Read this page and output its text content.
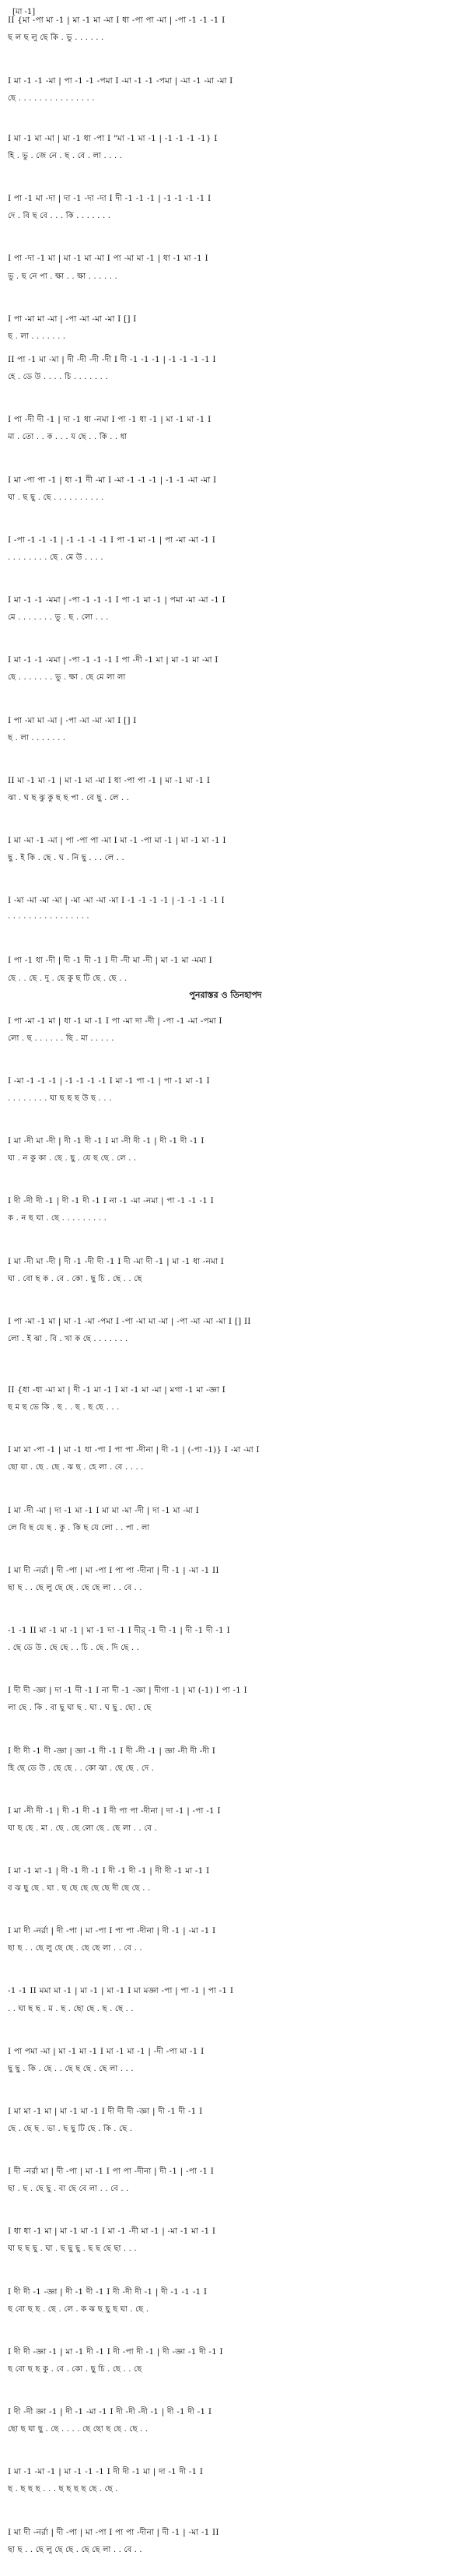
[মা -1]
পুনরাস্তর ও তিনহাপদ
II {মা -পা মা -1 | মা -1 মা -মা I ধা -পা পা -মা | -পা -1 -1 -1 I
ছ ল ছ লু ছে কি . ভু . . . . . .
I মা -1 -1 -মা | পা -1 -1 -পমা I -মা -1 -1 -পমা | -মা -1 -মা -মা I
ছে . . . . . . . . . . . . . . .
I মা -1 মা -মা | মা -1 ধা -পা I "মা -1 মা -1 | -1 -1 -1 -1} I
হি . ভু . জে নে . ছ . বে . লা . . . .
I পা -1 মা -দা | দা -1 -দা -দা I দী -1 -1 -1 | -1 -1 -1 -1 I
দে . বি ছ বে . . . কি . . . . . . .
I পা -দা -1 মা | মা -1 মা -মা I পা -মা মা -1 | ধা -1 মা -1 I
ভু . ছ নে পা . ক্ষা . . ক্ষা . . . . . .
I পা -মা মা -মা | -পা -মা -মা -মা I [] I
ছ . লা . . . . . . .
II পা -1 মা -মা | দী -দী -দী -দী I দী -1 -1 -1 | -1 -1 -1 -1 I
হে . ডে উ . . . . চি . . . . . . .
I পা -দী দী -1 | দা -1 ধা -নমা I পা -1 ধা -1 | মা -1 মা -1 I
মা . তো . . ক . . . য ছে . . কি . . ধা
I মা -পা পা -1 | ধা -1 দী -মা I -মা -1 -1 -1 | -1 -1 -মা -মা I
ঘা . ছ ছু . ছে . . . . . . . . . .
I -পা -1 -1 -1 | -1 -1 -1 -1 I পা -1 মা -1 | পা -মা -মা -1 I
. . . . . . . . ছে . মে উ . . . .
I মা -1 -1 -মমা | -পা -1 -1 -1 I পা -1 মা -1 | পমা -মা -মা -1 I
মে . . . . . . . ভু . ছ . লো . . .
I মা -1 -1 -মমা | -পা -1 -1 -1 I পা -দী -1 মা | মা -1 মা -মা I
ছে . . . . . . . ভু . ক্ষা . ছে মে লা লা
I পা -মা মা -মা | -পা -মা -মা -মা I [] I
ছ . লা . . . . . . .
II মা -1 মা -1 | মা -1 মা -মা I ধা -পা পা -1 | মা -1 মা -1 I
ঝা . ঘ ছ ঝু কু ছ ছ পা . বে ছু . লে . .
I মা -মা -1 -মা | পা -পা পা -মা I মা -1 -পা মা -1 | মা -1 মা -1 I
ছু . ই কি . ছে . ঘ . নি ছু . . . লে . .
I -মা -মা -মা -মা | -মা -মা -মা -মা I -1 -1 -1 -1 | -1 -1 -1 -1 I
. . . . . . . . . . . . . . . .
I পা -1 ধা -দী | দী -1 দী -1 I দী -দী মা -দী | মা -1 মা -মমা I
ছে . . ছে . দু . ছে কু ছ টি ছে . ছে . .
I পা -মা -1 মা | ধা -1 মা -1 I পা -মা দা -দী | -পা -1 -মা -পমা I
লো . ছ . . . . . . ছি . মা . . . . .
I -মা -1 -1 -1 | -1 -1 -1 -1 I মা -1 পা -1 | পা -1 মা -1 I
. . . . . . . . ঘা ছ ছ ছ উ ছ . . .
I মা -দী মা -দী | দী -1 দী -1 I মা -দী দী -1 | দী -1 দী -1 I
ঘা . ন কু কা . ছে . ছু . যে ছ ছে . লে . .
I দী -দী দী -1 | দী -1 দী -1 I না -1 -মা -নমা | পা -1 -1 -1 I
ক . ন ছ ঘা . ছে . . . . . . . . .
I মা -দী মা -দী | দী -1 -দী দী -1 I দী -মা দী -1 | মা -1 ধা -নমা I
ঘা . বো ছ ক . বে . কো . ছু চি . ছে . . ছে
I পা -মা -1 মা | মা -1 -মা -পমা I -পা -মা মা -মা | -পা -মা -মা -মা I [] II
লো . ই ঝা . বি . খা ক ছে . . . . . . .
II {ধা -ধা -মা মা | দী -1 মা -1 I মা -1 মা -মা | মগা -1 মা -জ্ঞা I
ছ ম ছ ভে কি . ছ . . ছ . ছ ছে . . .
I মা মা -পা -1 | মা -1 ধা -পা I পা পা -দীনা | দী -1 | (-পা -1)} I -মা -মা I
ছো য়া . ছে . ছে . ঝ ছ . হে লা . বে . . . .
I মা -দী -মা | দা -1 মা -1 I মা মা -মা -দী | দা -1 মা -মা I
লে বি ছ যে ছ . কু . কি ছ যে লো . . পা . লা
I মা দী -নর্রা | দী -পা | মা -পা I পা পা -দীনা | দী -1 | -মা -1 II
ছা ছ . . ছে লু ছে ছে . ছে ছে লা . . বে . .
-1 -1 II মা -1 মা -1 | মা -1 দা -1 I দীর্ -1 দী -1 | দী -1 দী -1 I
. ছে ডে উ . ছে ছে . . চি . ছে . দি ছে . .
I দী দী -জ্ঞা | দা -1 দী -1 I না দী -1 -জ্ঞা | দীগা -1 | মা (-1) I পা -1 I
লা ছে . কি . বা ছু ঘা ছ . ঘা . ঘ ছু . ছো . ছে
I দী দী -1 দী -জ্ঞা | জ্ঞা -1 দী -1 I দী -দী -1 | জ্ঞা -দী দী -দী I
হি ছে ডে উ . ছে ছে . . কো ঝা . ছে ছে . দে .
I মা -দী দী -1 | দী -1 দী -1 I দী পা পা -দীনা | দা -1 | -পা -1 I
ঘা ছ ছে . মা . ছে . ছে লো ছে . ছে লা . . বে .
I মা -1 মা -1 | দী -1 দী -1 I দী -1 দী -1 | দী দী -1 মা -1 I
ব ঝ ছু ছে . ঘা . ছ ছে ছে ছে ছে দী ছে ছে . .
I মা দী -নর্রা | দী -পা | মা -পা I পা পা -দীনা | দী -1 | -মা -1 I
ছা ছ . . ছে লু ছে ছে . ছে ছে লা . . বে . .
-1 -1 II মমা মা -1 | মা -1 | মা -1 I মা মজ্ঞা -পা | পা -1 | পা -1 I
. . ঘা ছ ছ . ম . ছ . ছো ছে . ছ . ছে . .
I পা পমা -মা | মা -1 মা -1 I মা -1 মা -1 | -দী -পা মা -1 I
ছু ছু . কি . ছে . . ছে ছ ছে . ছে লা . . .
I মা মা -1 মা | মা -1 মা -1 I দী দী দী -জ্ঞা | দী -1 দী -1 I
ছে . ছে ছ . ভা . ছ ছু টি ছে . কি . ছে .
I দী -নর্রা মা | দী -পা | মা -1 I পা পা -দীনা | দী -1 | -পা -1 I
ছা . ছ . ছে ছু . বা ছে বে লা . . বে . .
I ধা ধা -1 মা | মা -1 মা -1 I মা -1 -দী মা -1 | -মা -1 মা -1 I
ঘা ছ ছ ছু . ঘা . ছ ছু ছু . ছ ছ ছে ছা . . .
I দী দী -1 -জ্ঞা | দী -1 দী -1 I দী -দী দী -1 | দী -1 -1 -1 I
ছ বো ছ ছ . ছে . লে . ক ঝ ছ ছু ছ ঘা . ছে .
I দী দী -জ্ঞা -1 | মা -1 দী -1 I দী -পা দী -1 | দী -জ্ঞা -1 দী -1 I
ছ বো ছ ছ কু . বে . কো . ছু চি . ছে . . ছে
I দী -দী জ্ঞা -1 | দী -1 -মা -1 I দী -দী -দী -1 | দী -1 দী -1 I
ছো ছ ঘা ছু . ছে . . . . ছে ছো ছ ছে . ছে . .
I মা -1 -মা -1 | মা -1 -1 -1 I দী দী -1 মা | দা -1 দী -1 I
ছ . ছ ছ ছ . . . ছ ছ ছ ছ ছে . ছে .
I মা দী -নর্রা | দী -পা | মা -পা I পা পা -দীনা | দী -1 | -মা -1 II
ছা ছ . . ছে লু ছে ছে . ছে ছে লা . . বে . .
